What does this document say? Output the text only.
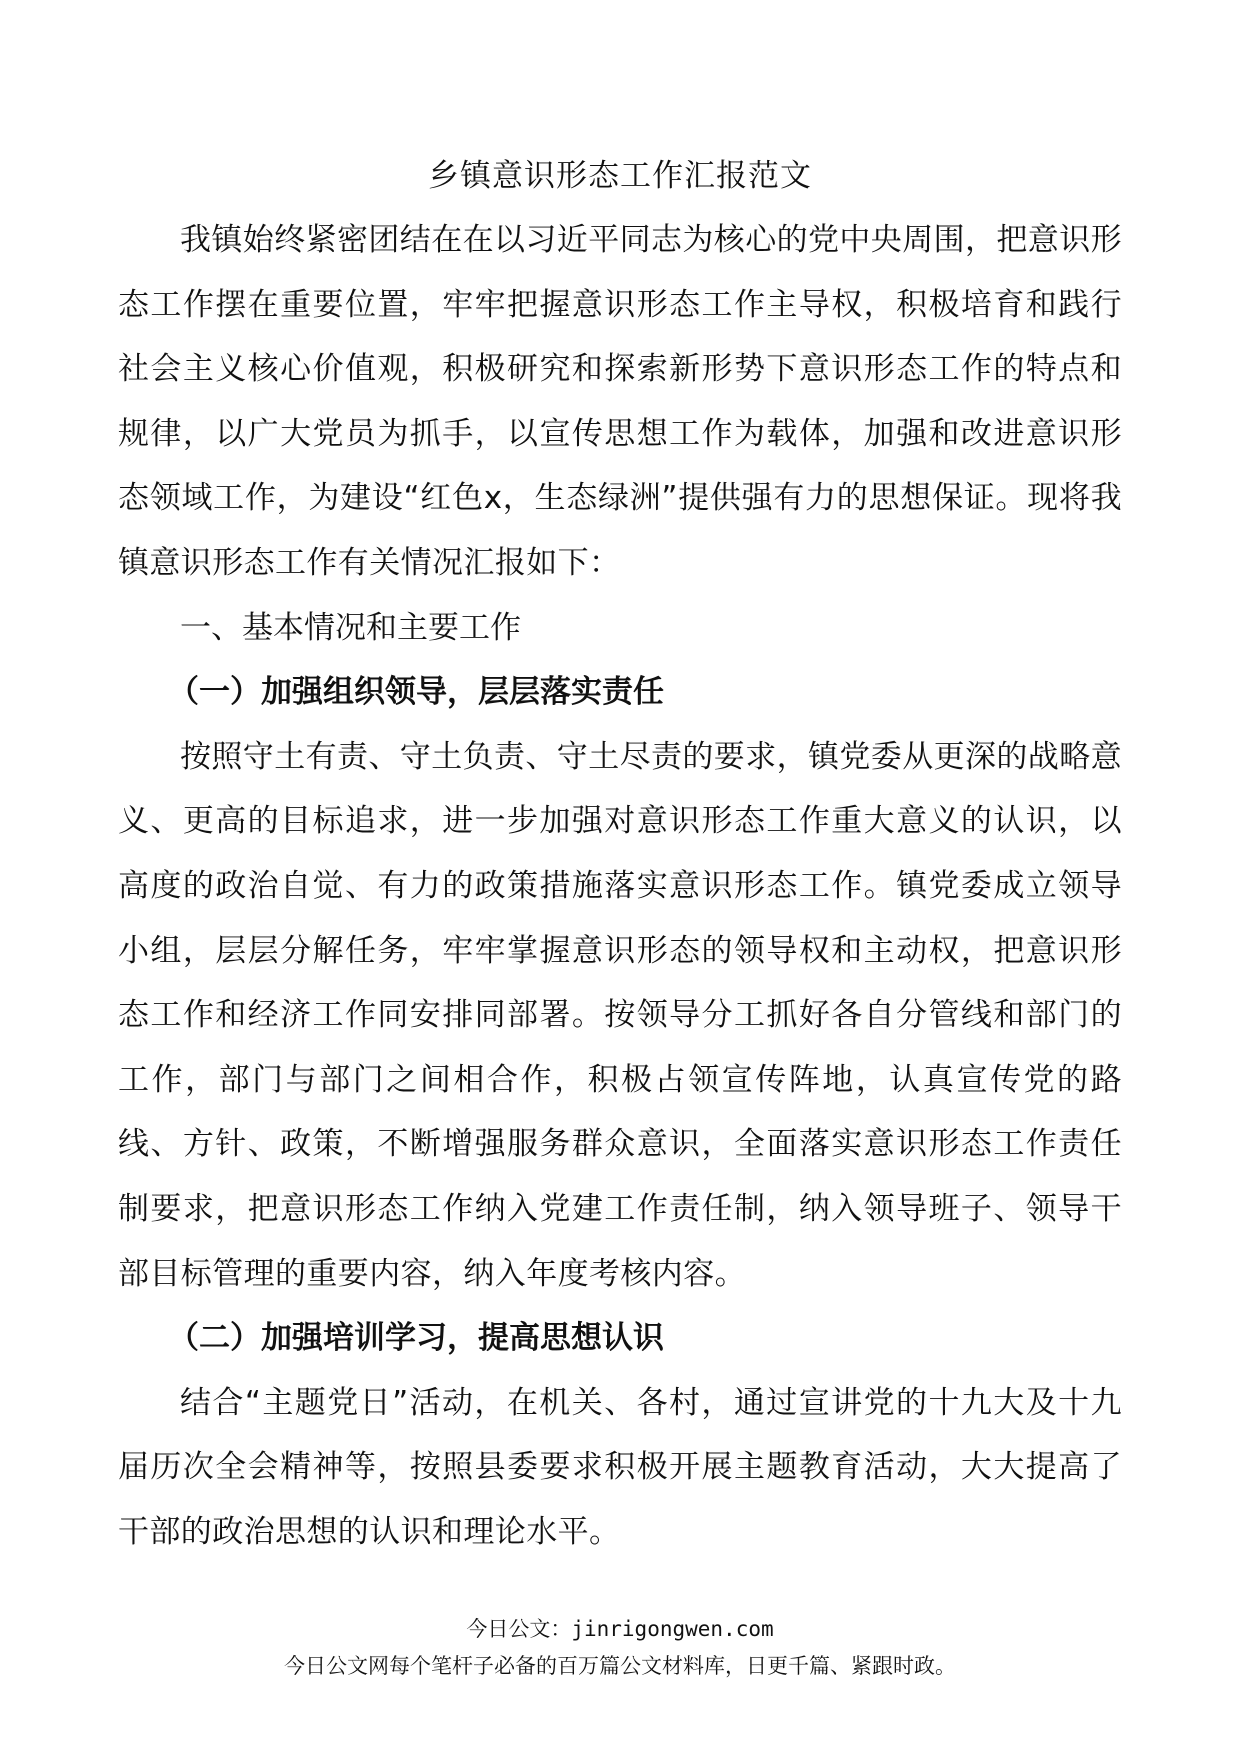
乡镇意识形态工作汇报范文

我镇始终紧密团结在在以习近平同志为核心的党中央周围，把意识形态工作摆在重要位置，牢牢把握意识形态工作主导权，积极培育和践行社会主义核心价值观，积极研究和探索新形势下意识形态工作的特点和规律，以广大党员为抓手，以宣传思想工作为载体，加强和改进意识形态领域工作，为建设“红色x，生态绿洲”提供强有力的思想保证。现将我镇意识形态工作有关情况汇报如下：

一、基本情况和主要工作

（一）加强组织领导，层层落实责任

按照守土有责、守土负责、守土尽责的要求，镇党委从更深的战略意义、更高的目标追求，进一步加强对意识形态工作重大意义的认识，以高度的政治自觉、有力的政策措施落实意识形态工作。镇党委成立领导小组，层层分解任务，牢牢掌握意识形态的领导权和主动权，把意识形态工作和经济工作同安排同部署。按领导分工抓好各自分管线和部门的工作，部门与部门之间相合作，积极占领宣传阵地，认真宣传党的路线、方针、政策，不断增强服务群众意识，全面落实意识形态工作责任制要求，把意识形态工作纳入党建工作责任制，纳入领导班子、领导干部目标管理的重要内容，纳入年度考核内容。

（二）加强培训学习，提高思想认识

结合“主题党日”活动，在机关、各村，通过宣讲党的十九大及十九届历次全会精神等，按照县委要求积极开展主题教育活动，大大提高了干部的政治思想的认识和理论水平。

今日公文：jinrigongwen.com
今日公文网每个笔杆子必备的百万篇公文材料库，日更千篇、紧跟时政。
